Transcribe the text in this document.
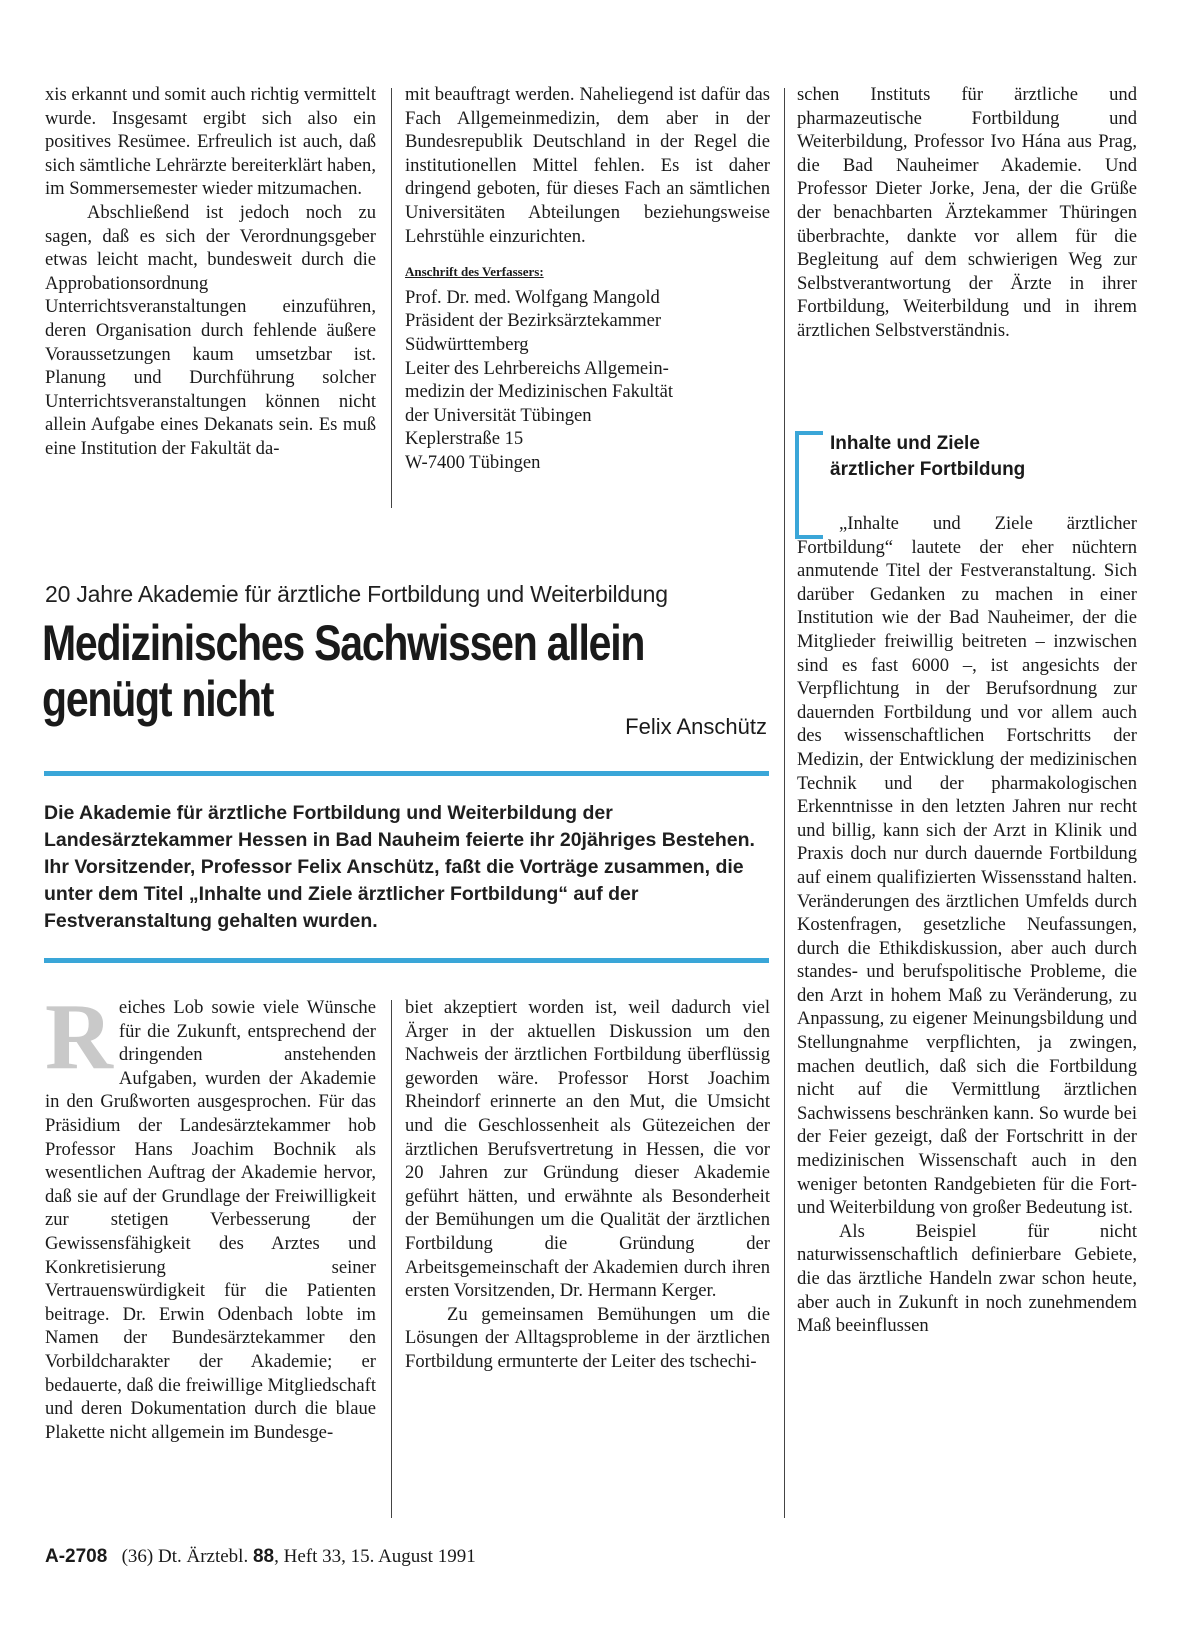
xis erkannt und somit auch richtig vermittelt wurde. Insgesamt ergibt sich also ein positives Resümee. Erfreulich ist auch, daß sich sämtliche Lehrärzte bereiterklärt haben, im Sommersemester wieder mitzumachen.

Abschließend ist jedoch noch zu sagen, daß es sich der Verordnungsgeber etwas leicht macht, bundesweit durch die Approbationsordnung Unterrichtsveranstaltungen einzuführen, deren Organisation durch fehlende äußere Voraussetzungen kaum umsetzbar ist. Planung und Durchführung solcher Unterrichtsveranstaltungen können nicht allein Aufgabe eines Dekanats sein. Es muß eine Institution der Fakultät da-

mit beauftragt werden. Naheliegend ist dafür das Fach Allgemeinmedizin, dem aber in der Bundesrepublik Deutschland in der Regel die institutionellen Mittel fehlen. Es ist daher dringend geboten, für dieses Fach an sämtlichen Universitäten Abteilungen beziehungsweise Lehrstühle einzurichten.

Anschrift des Verfassers:
Prof. Dr. med. Wolfgang Mangold
Präsident der Bezirksärztekammer
Südwürttemberg
Leiter des Lehrbereichs Allgemein-
medizin der Medizinischen Fakultät
der Universität Tübingen
Keplerstraße 15
W-7400 Tübingen
20 Jahre Akademie für ärztliche Fortbildung und Weiterbildung
Medizinisches Sachwissen allein
genügt nicht	Felix Anschütz
Die Akademie für ärztliche Fortbildung und Weiterbildung der Landesärztekammer Hessen in Bad Nauheim feierte ihr 20jähriges Bestehen. Ihr Vorsitzender, Professor Felix Anschütz, faßt die Vorträge zusammen, die unter dem Titel „Inhalte und Ziele ärztlicher Fortbildung“ auf der Festveranstaltung gehalten wurden.

Reiches Lob sowie viele Wünsche für die Zukunft, entsprechend der dringenden anstehenden Aufgaben, wurden der Akademie in den Grußworten ausgesprochen. Für das Präsidium der Landesärztekammer hob Professor Hans Joachim Bochnik als wesentlichen Auftrag der Akademie hervor, daß sie auf der Grundlage der Freiwilligkeit zur stetigen Verbesserung der Gewissensfähigkeit des Arztes und Konkretisierung seiner Vertrauenswürdigkeit für die Patienten beitrage. Dr. Erwin Odenbach lobte im Namen der Bundesärztekammer den Vorbildcharakter der Akademie; er bedauerte, daß die freiwillige Mitgliedschaft und deren Dokumentation durch die blaue Plakette nicht allgemein im Bundesge-

biet akzeptiert worden ist, weil dadurch viel Ärger in der aktuellen Diskussion um den Nachweis der ärztlichen Fortbildung überflüssig geworden wäre. Professor Horst Joachim Rheindorf erinnerte an den Mut, die Umsicht und die Geschlossenheit als Gütezeichen der ärztlichen Berufsvertretung in Hessen, die vor 20 Jahren zur Gründung dieser Akademie geführt hätten, und erwähnte als Besonderheit der Bemühungen um die Qualität der ärztlichen Fortbildung die Gründung der Arbeitsgemeinschaft der Akademien durch ihren ersten Vorsitzenden, Dr. Hermann Kerger.

Zu gemeinsamen Bemühungen um die Lösungen der Alltagsprobleme in der ärztlichen Fortbildung ermunterte der Leiter des tschechi-

schen Instituts für ärztliche und pharmazeutische Fortbildung und Weiterbildung, Professor Ivo Hána aus Prag, die Bad Nauheimer Akademie. Und Professor Dieter Jorke, Jena, der die Grüße der benachbarten Ärztekammer Thüringen überbrachte, dankte vor allem für die Begleitung auf dem schwierigen Weg zur Selbstverantwortung der Ärzte in ihrer Fortbildung, Weiterbildung und in ihrem ärztlichen Selbstverständnis.

Inhalte und Ziele
ärztlicher Fortbildung

„Inhalte und Ziele ärztlicher Fortbildung“ lautete der eher nüchtern anmutende Titel der Festveranstaltung. Sich darüber Gedanken zu machen in einer Institution wie der Bad Nauheimer, der die Mitglieder freiwillig beitreten – inzwischen sind es fast 6000 –, ist angesichts der Verpflichtung in der Berufsordnung zur dauernden Fortbildung und vor allem auch des wissenschaftlichen Fortschritts der Medizin, der Entwicklung der medizinischen Technik und der pharmakologischen Erkenntnisse in den letzten Jahren nur recht und billig, kann sich der Arzt in Klinik und Praxis doch nur durch dauernde Fortbildung auf einem qualifizierten Wissensstand halten. Veränderungen des ärztlichen Umfelds durch Kostenfragen, gesetzliche Neufassungen, durch die Ethikdiskussion, aber auch durch standes- und berufspolitische Probleme, die den Arzt in hohem Maß zu Veränderung, zu Anpassung, zu eigener Meinungsbildung und Stellungnahme verpflichten, ja zwingen, machen deutlich, daß sich die Fortbildung nicht auf die Vermittlung ärztlichen Sachwissens beschränken kann. So wurde bei der Feier gezeigt, daß der Fortschritt in der medizinischen Wissenschaft auch in den weniger betonten Randgebieten für die Fort- und Weiterbildung von großer Bedeutung ist.

Als Beispiel für nicht naturwissenschaftlich definierbare Gebiete, die das ärztliche Handeln zwar schon heute, aber auch in Zukunft in noch zunehmendem Maß beeinflussen

A-2708 (36) Dt. Ärztebl. 88, Heft 33, 15. August 1991
